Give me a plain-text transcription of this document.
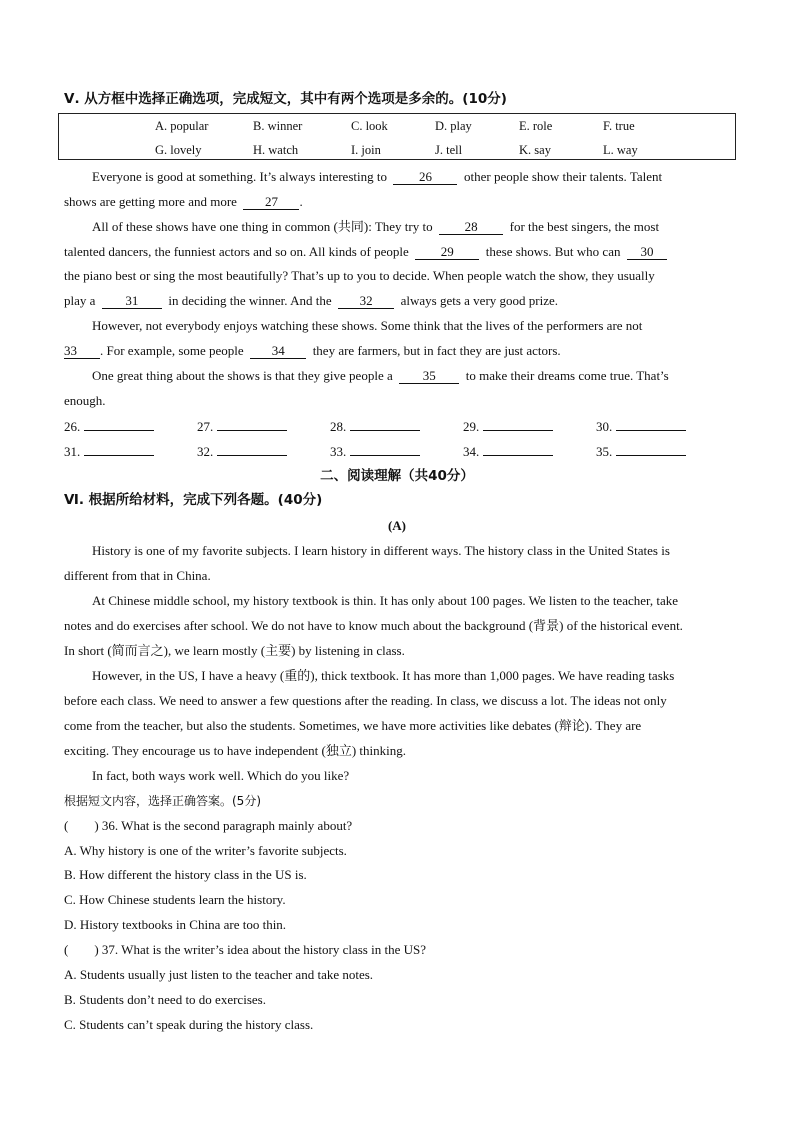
Ⅴ. 从方框中选择正确选项，完成短文，其中有两个选项是多余的。(10分)
A. popular	B. winner	C. look	D. play	E. role	F. true
G. lovely	H. watch	I. join	J. tell	K. say	L. way
Everyone is good at something. It’s always interesting to 26 other people show their talents. Talent
shows are getting more and more 27 .
All of these shows have one thing in common (共同): They try to 28 for the best singers, the most
talented dancers, the funniest actors and so on. All kinds of people 29 these shows. But who can 30
the piano best or sing the most beautifully? That’s up to you to decide. When people watch the show, they usually
play a 31 in deciding the winner. And the 32 always gets a very good prize.
However, not everybody enjoys watching these shows. Some think that the lives of the performers are not
33 . For example, some people 34 they are farmers, but in fact they are just actors.
One great thing about the shows is that they give people a 35 to make their dreams come true. That’s
enough.
26.	27.	28.	29.	30.
31.	32.	33.	34.	35.
二、阅读理解（共40分）
Ⅵ. 根据所给材料，完成下列各题。(40分)
(A)
History is one of my favorite subjects. I learn history in different ways. The history class in the United States is
different from that in China.
At Chinese middle school, my history textbook is thin. It has only about 100 pages. We listen to the teacher, take
notes and do exercises after school. We do not have to know much about the background (背景) of the historical event.
In short (简而言之), we learn mostly (主要) by listening in class.
However, in the US, I have a heavy (重的), thick textbook. It has more than 1,000 pages. We have reading tasks
before each class. We need to answer a few questions after the reading. In class, we discuss a lot. The ideas not only
come from the teacher, but also the students. Sometimes, we have more activities like debates (辩论). They are
exciting. They encourage us to have independent (独立) thinking.
In fact, both ways work well. Which do you like?
根据短文内容，选择正确答案。(5分)
(        ) 36. What is the second paragraph mainly about?
A. Why history is one of the writer’s favorite subjects.
B. How different the history class in the US is.
C. How Chinese students learn the history.
D. History textbooks in China are too thin.
(        ) 37. What is the writer’s idea about the history class in the US?
A. Students usually just listen to the teacher and take notes.
B. Students don’t need to do exercises.
C. Students can’t speak during the history class.
